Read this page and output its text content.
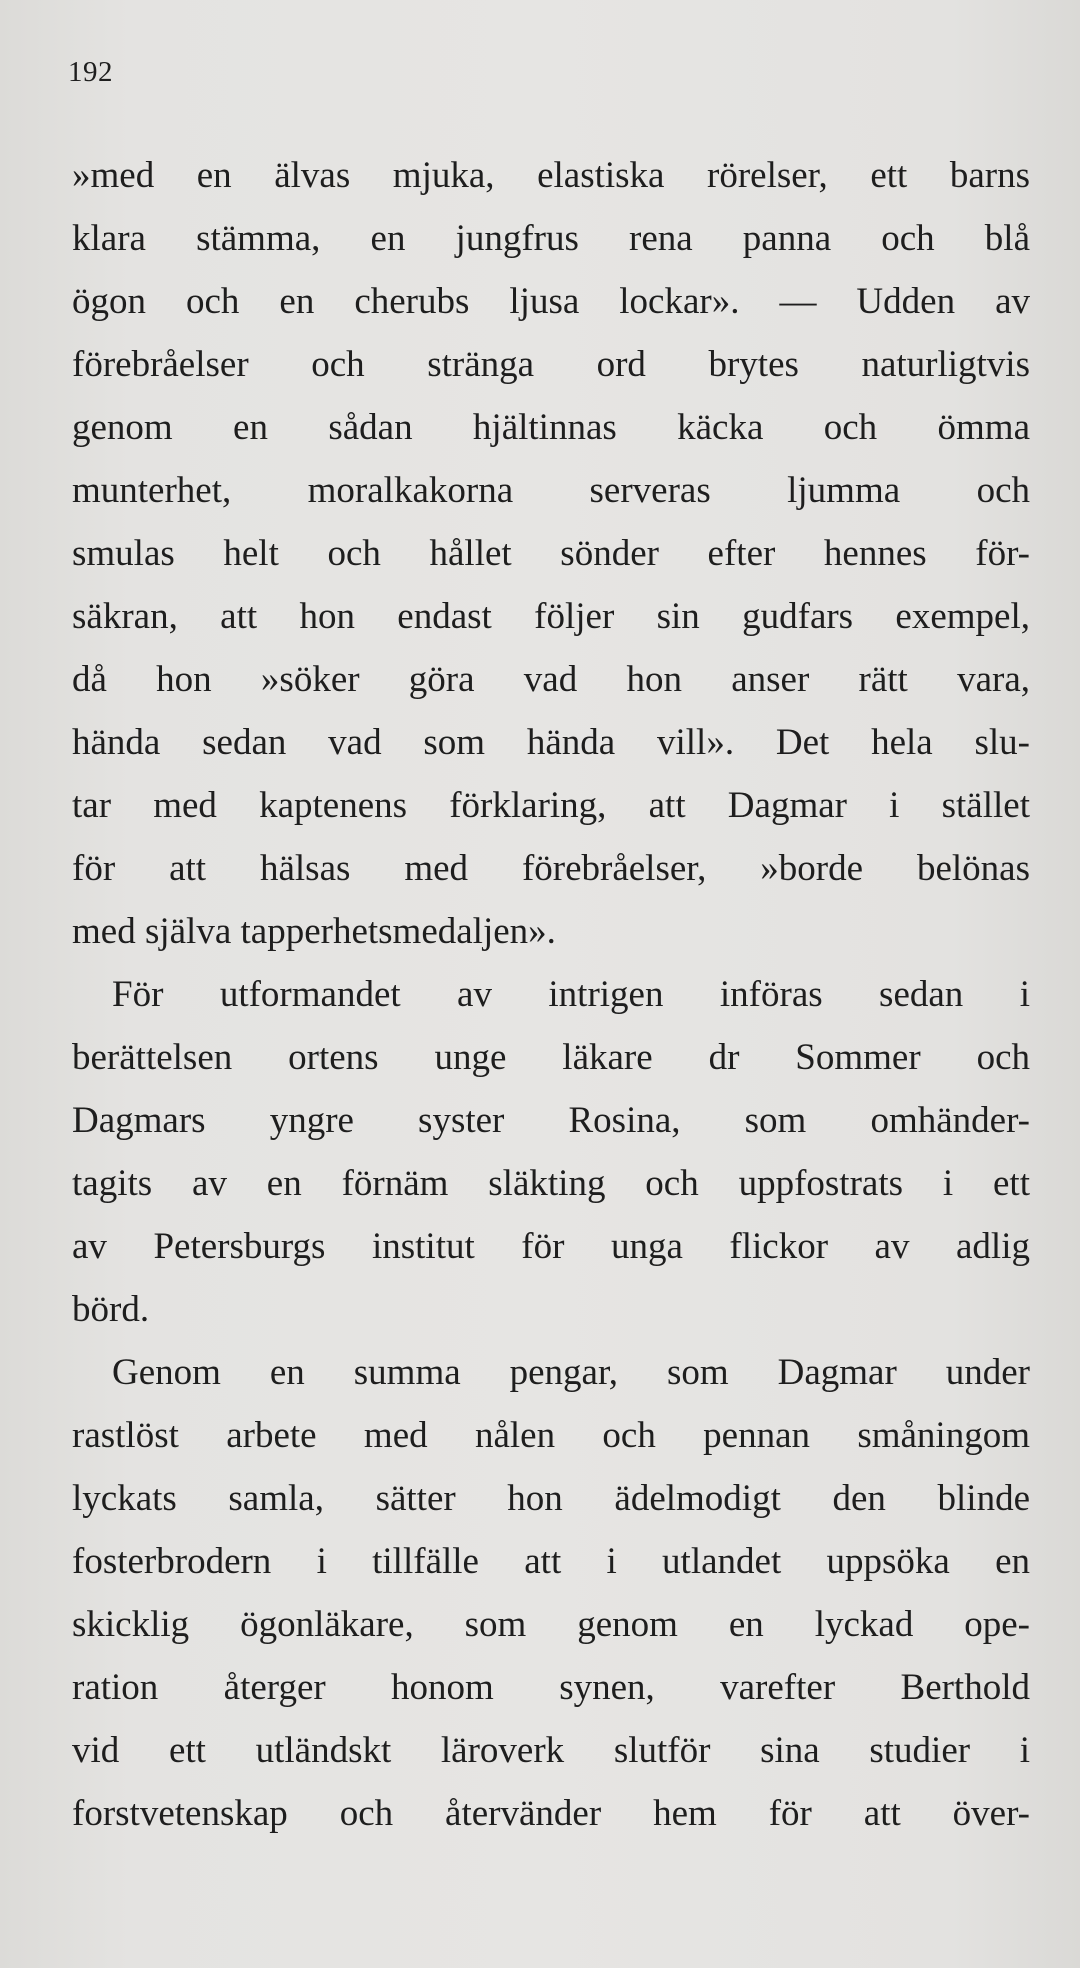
192
»med en älvas mjuka, elastiska rörelser, ett barns
klara stämma, en jungfrus rena panna och blå
ögon och en cherubs ljusa lockar». — Udden av
förebråelser och stränga ord brytes naturligtvis
genom en sådan hjältinnas käcka och ömma
munterhet, moralkakorna serveras ljumma och
smulas helt och hållet sönder efter hennes för-
säkran, att hon endast följer sin gudfars exempel,
då hon »söker göra vad hon anser rätt vara,
hända sedan vad som hända vill». Det hela slu-
tar med kaptenens förklaring, att Dagmar i stället
för att hälsas med förebråelser, »borde belönas
med själva tapperhetsmedaljen».
För utformandet av intrigen införas sedan i
berättelsen ortens unge läkare dr Sommer och
Dagmars yngre syster Rosina, som omhänder-
tagits av en förnäm släkting och uppfostrats i ett
av Petersburgs institut för unga flickor av adlig
börd.
Genom en summa pengar, som Dagmar under
rastlöst arbete med nålen och pennan småningom
lyckats samla, sätter hon ädelmodigt den blinde
fosterbrodern i tillfälle att i utlandet uppsöka en
skicklig ögonläkare, som genom en lyckad ope-
ration återger honom synen, varefter Berthold
vid ett utländskt läroverk slutför sina studier i
forstvetenskap och återvänder hem för att över-
